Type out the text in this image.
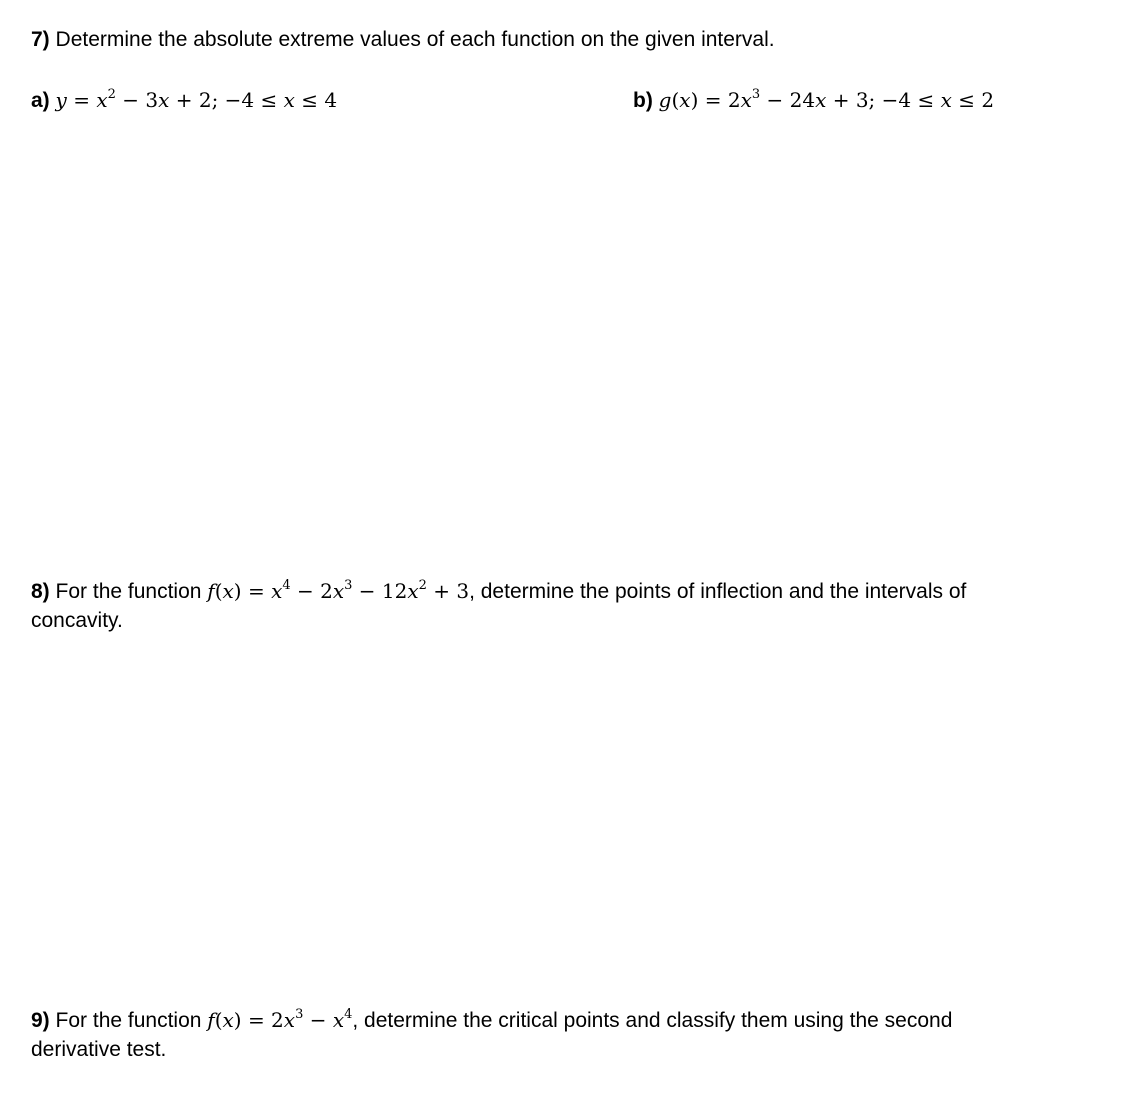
7) Determine the absolute extreme values of each function on the given interval.
a) $y = x^2 - 3x + 2$; −4 ≤ x ≤ 4	b) $g(x) = 2x^3 - 24x + 3$; −4 ≤ x ≤ 2
8) For the function $f(x) = x^4 - 2x^3 - 12x^2 + 3$, determine the points of inflection and the intervals of
concavity.
9) For the function $f(x) = 2x^3 - x^4$, determine the critical points and classify them using the second
derivative test.
